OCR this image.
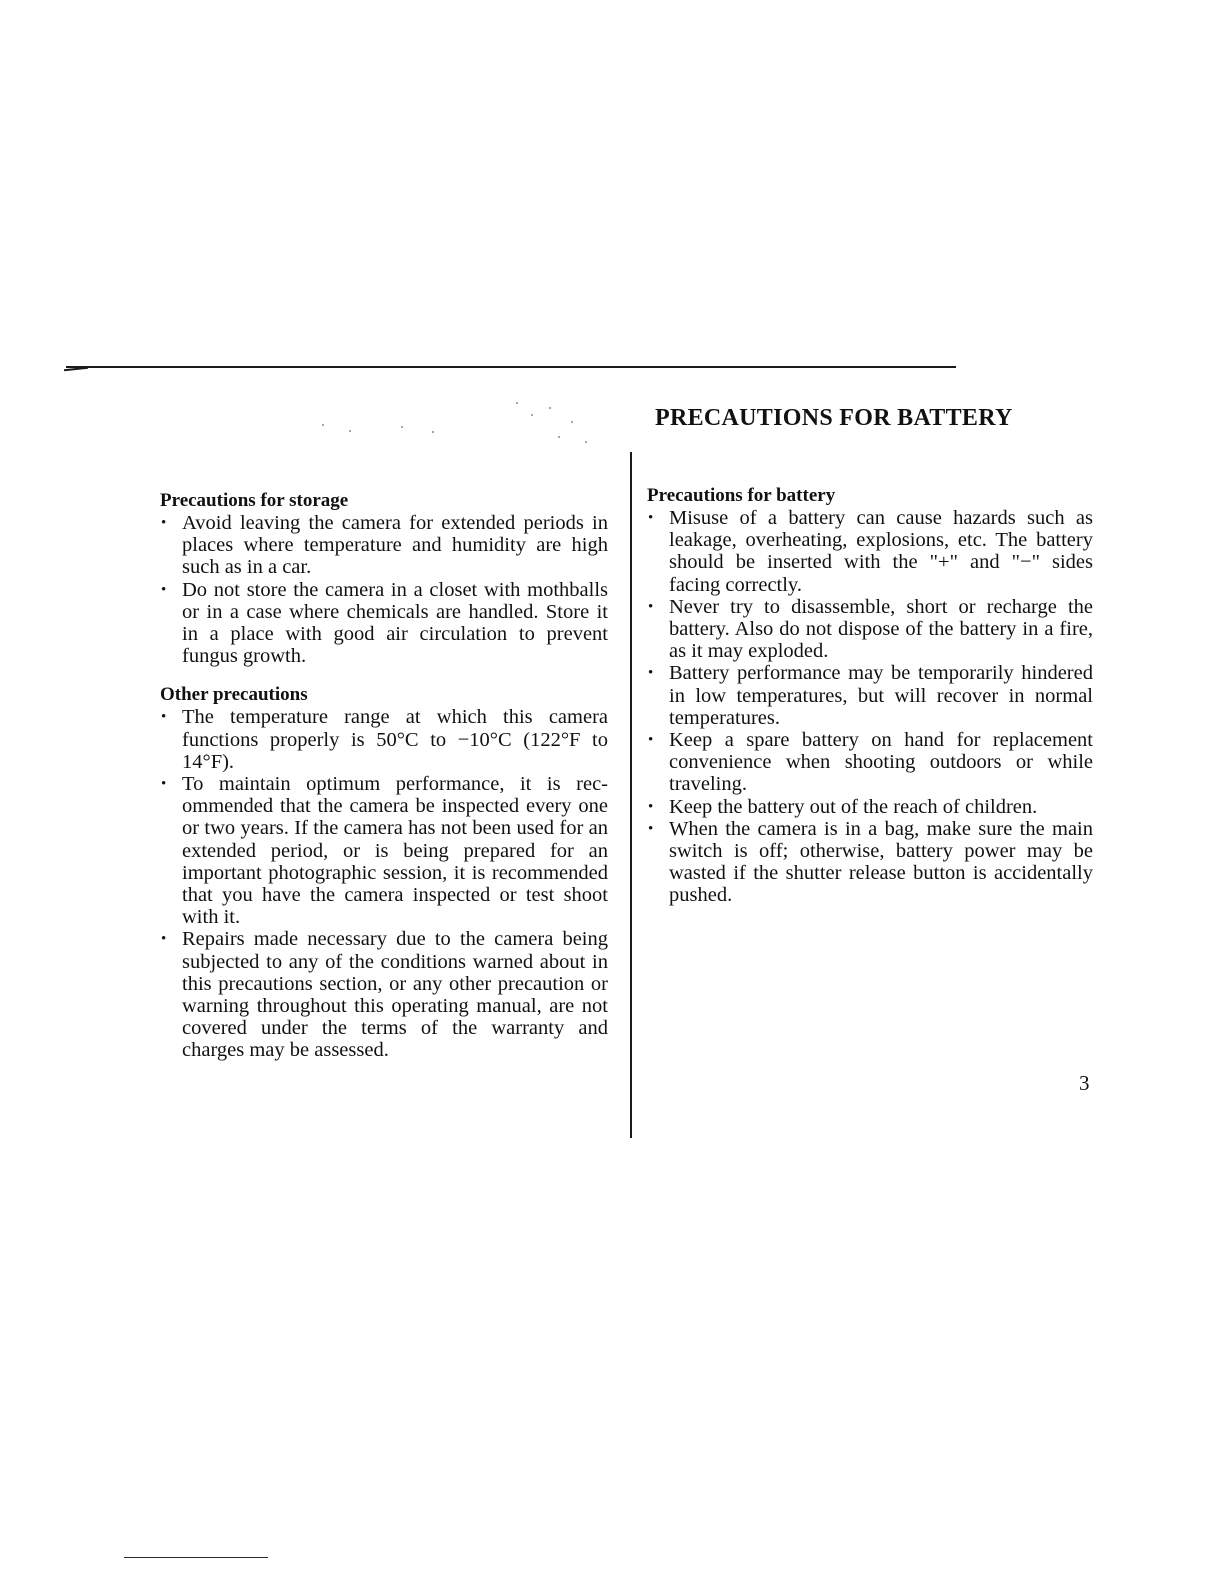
PRECAUTIONS FOR BATTERY
Precautions for storage
• Avoid leaving the camera for extended periods in places where temperature and humidity are high such as in a car.
• Do not store the camera in a closet with mothballs or in a case where chemicals are handled. Store it in a place with good air circulation to prevent fungus growth.
Other precautions
• The temperature range at which this camera functions properly is 50°C to −10°C (122°F to 14°F).
• To maintain optimum performance, it is recommended that the camera be inspected every one or two years. If the camera has not been used for an extended period, or is being prepared for an important photographic session, it is recommended that you have the camera inspected or test shoot with it.
• Repairs made necessary due to the camera being subjected to any of the conditions warned about in this precautions section, or any other precaution or warning throughout this operating manual, are not covered under the terms of the warranty and charges may be assessed.
Precautions for battery
• Misuse of a battery can cause hazards such as leakage, overheating, explosions, etc. The battery should be inserted with the "+" and "−" sides facing correctly.
• Never try to disassemble, short or recharge the battery. Also do not dispose of the battery in a fire, as it may exploded.
• Battery performance may be temporarily hindered in low temperatures, but will recover in normal temperatures.
• Keep a spare battery on hand for replacement convenience when shooting outdoors or while traveling.
• Keep the battery out of the reach of children.
• When the camera is in a bag, make sure the main switch is off; otherwise, battery power may be wasted if the shutter release button is accidentally pushed.
3
